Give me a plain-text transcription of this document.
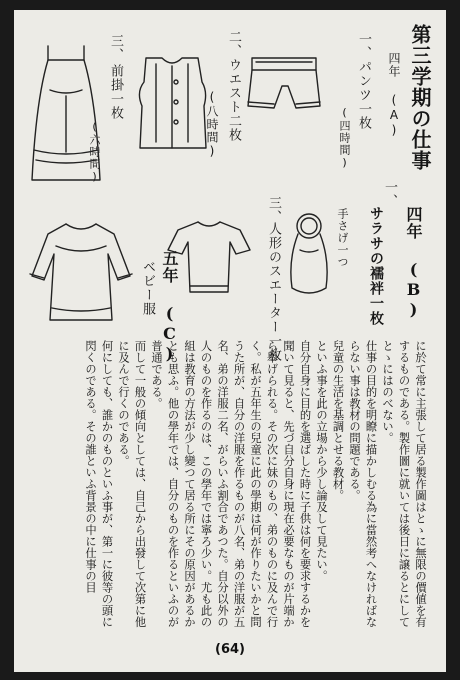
第三学期の仕事
四年 (A)
一、
パンツ一枚
(四時間)
二、
ウエスト二枚
(八時間)
三、
前掛一枚
(六時間)
四年 (B)
一、
サラサの襦袢一枚
手さげ一つ
三、
人形のスエーター一枚
五年 (C)
ベビー服

に於て常に主張して居る製作圖はとゝに無限の價値を有するものである。製作圖に就いては後日に譲るとにしてとゝにはのべない。

仕事の目的を明瞭に描かしむる為に當然考へなければならない事は教材の問題である。

兒童の生活を基調とせる教材。

といふ事を此の立場から少し論及して見たい。

自分自身に目的を選ばした時に子供は何を要求するかを聞いて見ると、先づ自分自身に現在必要なものが片端から舉げられる。その次に妹のもの、弟のものに及んで行く。私が五年生の兒童に此の學期は何が作りたいかと問うた所が、自分の洋服を作るものが八名、弟の洋服が五名、弟の洋服二名、がらいふ割合であつた。自分以外の人のものを作るのは、この學年では寧ろ少い。尤も此の組は教育の方法が少し變つて居る所にその原因があるかとも思ふ。他の學年では、自分のものを作るといふのが普通である。

而して一般の傾向としては、自己から出發して次第に他に及んで行くのである。

何にしても、誰かのものといふ事が、第一に彼等の頭に閃くのである。その誰といふ背景の中に仕事の目

(64)
